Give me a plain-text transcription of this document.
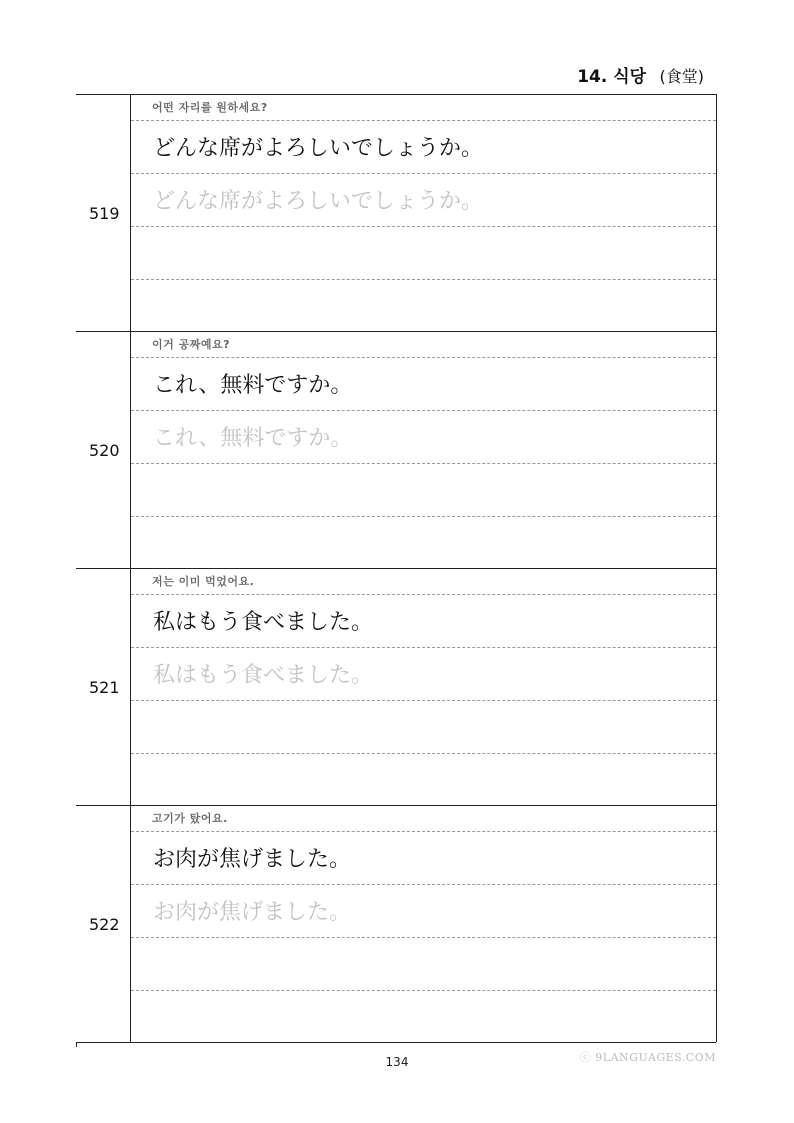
14. 식당 (食堂)
519
어떤 자리를 원하세요?
どんな席がよろしいでしょうか。
どんな席がよろしいでしょうか。
520
이거 공짜예요?
これ、無料ですか。
これ、無料ですか。
521
저는 이미 먹었어요.
私はもう食べました。
私はもう食べました。
522
고기가 탔어요.
お肉が焦げました。
お肉が焦げました。
134	ⓒ 9LANGUAGES.COM
